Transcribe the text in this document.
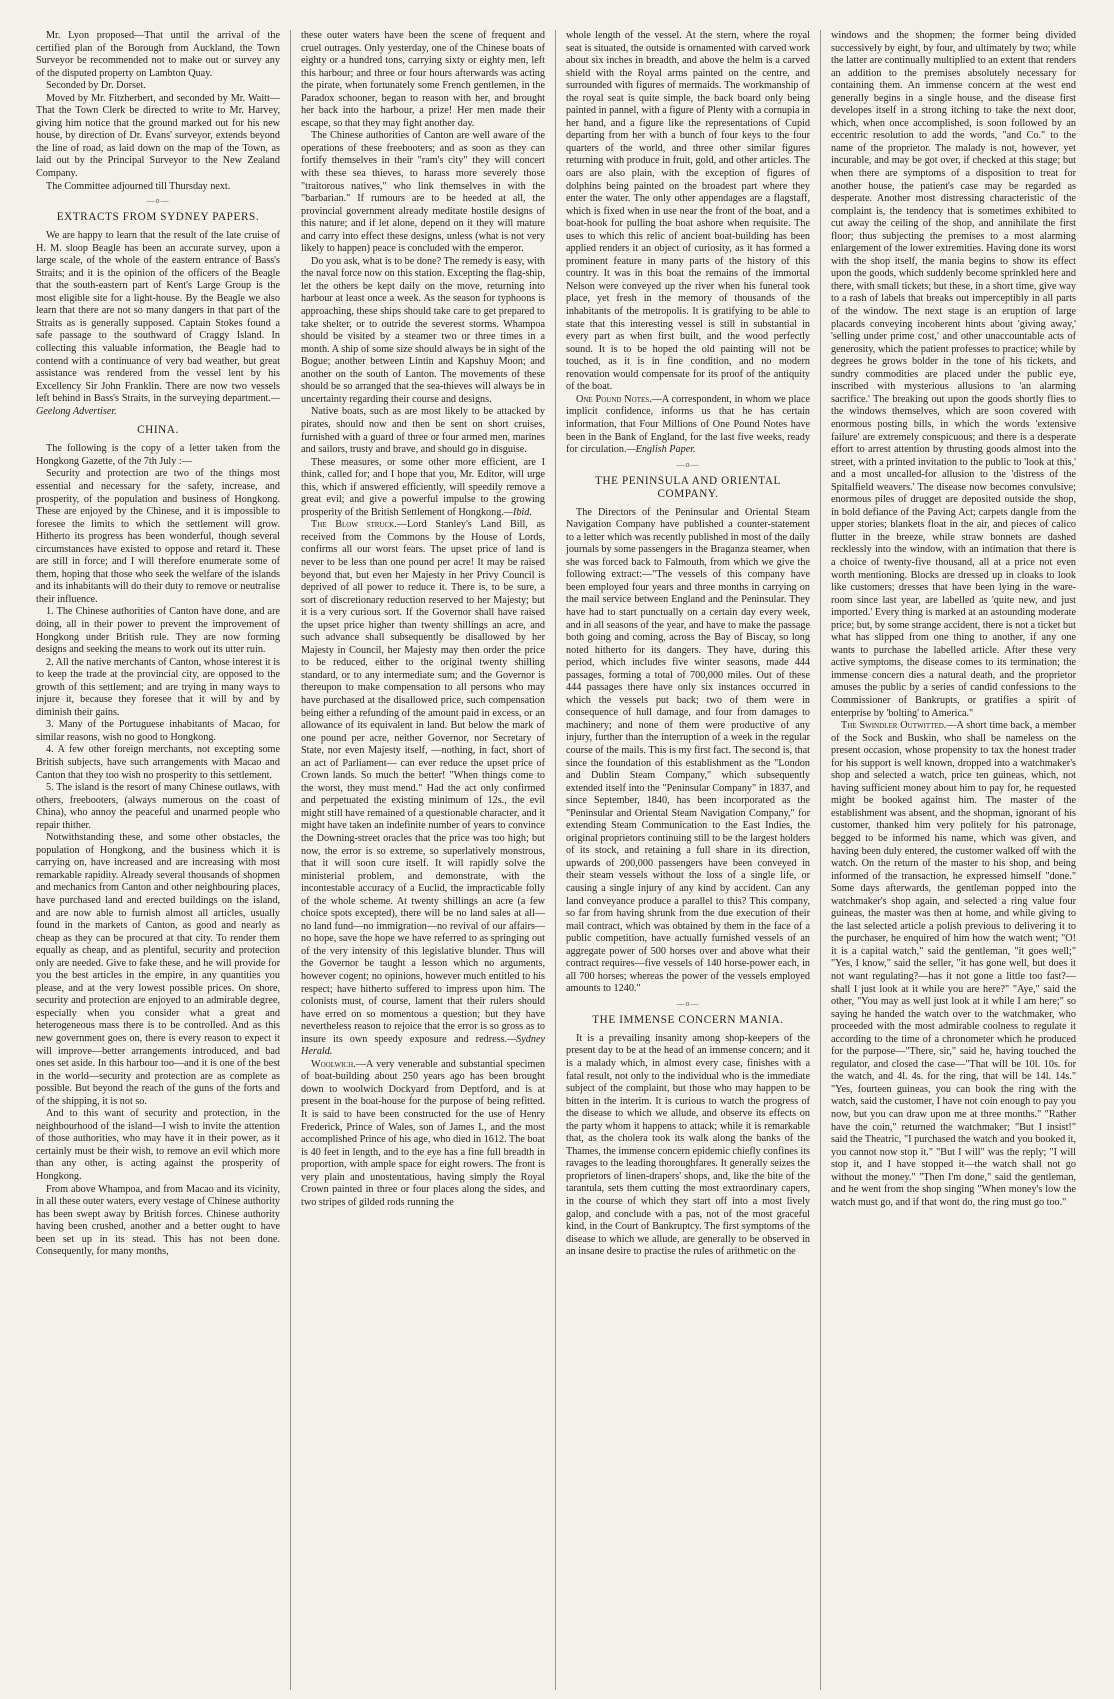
Mr. Lyon proposed—That until the arrival of the certified plan of the Borough from Auckland, the Town Surveyor be recommended not to make out or survey any of the disputed property on Lambton Quay.

Seconded by Dr. Dorset.

Moved by Mr. Fitzherbert, and seconded by Mr. Waitt—That the Town Clerk be directed to write to Mr. Harvey, giving him notice that the ground marked out for his new house, by direction of Dr. Evans' surveyor, extends beyond the line of road, as laid down on the map of the Town, as laid out by the Principal Surveyor to the New Zealand Company.

The Committee adjourned till Thursday next.

—o—
EXTRACTS FROM SYDNEY PAPERS.

We are happy to learn that the result of the late cruise of H. M. sloop Beagle has been an accurate survey, upon a large scale, of the whole of the eastern entrance of Bass's Straits; and it is the opinion of the officers of the Beagle that the south-eastern part of Kent's Large Group is the most eligible site for a light-house. By the Beagle we also learn that there are not so many dangers in that part of the Straits as is generally supposed. Captain Stokes found a safe passage to the southward of Craggy Island. In collecting this valuable information, the Beagle had to contend with a continuance of very bad weather, but great assistance was rendered from the vessel lent by his Excellency Sir John Franklin. There are now two vessels left behind in Bass's Straits, in the surveying department.—Geelong Advertiser.

CHINA.

The following is the copy of a letter taken from the Hongkong Gazette, of the 7th July :—

Security and protection are two of the things most essential and necessary for the safety, increase, and prosperity, of the population and business of Hongkong. These are enjoyed by the Chinese, and it is impossible to foresee the limits to which the settlement will grow. Hitherto its progress has been wonderful, though several circumstances have existed to oppose and retard it. These are still in force; and I will therefore enumerate some of them, hoping that those who seek the welfare of the islands and its inhabitants will do their duty to remove or neutralise their influence.

1. The Chinese authorities of Canton have done, and are doing, all in their power to prevent the improvement of Hongkong under British rule. They are now forming designs and seeking the means to work out its utter ruin.

2. All the native merchants of Canton, whose interest it is to keep the trade at the provincial city, are opposed to the growth of this settlement; and are trying in many ways to injure it, because they foresee that it will by and by diminish their gains.

3. Many of the Portuguese inhabitants of Macao, for similar reasons, wish no good to Hongkong.

4. A few other foreign merchants, not excepting some British subjects, have such arrangements with Macao and Canton that they too wish no prosperity to this settlement.

5. The island is the resort of many Chinese outlaws, with others, freebooters, (always numerous on the coast of China), who annoy the peaceful and unarmed people who repair thither.

Notwithstanding these, and some other obstacles, the population of Hongkong, and the business which it is carrying on, have increased and are increasing with most remarkable rapidity. Already several thousands of shopmen and mechanics from Canton and other neighbouring places, have purchased land and erected buildings on the island, and are now able to furnish almost all articles, usually found in the markets of Canton, as good and nearly as cheap as they can be procured at that city. To render them equally as cheap, and as plentiful, security and protection only are needed. Give to fake these, and he will provide for you the best articles in the empire, in any quantities you please, and at the very lowest possible prices. On shore, security and protection are enjoyed to an admirable degree, especially when you consider what a great and heterogeneous mass there is to be controlled. And as this new government goes on, there is every reason to expect it will improve—better arrangements introduced, and bad ones set aside. In this harbour too—and it is one of the best in the world—security and protection are as complete as possible. But beyond the reach of the guns of the forts and of the shipping, it is not so.

And to this want of security and protection, in the neighbourhood of the island—I wish to invite the attention of those authorities, who may have it in their power, as it certainly must be their wish, to remove an evil which more than any other, is acting against the prosperity of Hongkong.

From above Whampoa, and from Macao and its vicinity, in all these outer waters, every vestage of Chinese authority has been swept away by British forces. Chinese authority having been crushed, another and a better ought to have been set up in its stead. This has not been done. Consequently, for many months,

these outer waters have been the scene of frequent and cruel outrages. Only yesterday, one of the Chinese boats of eighty or a hundred tons, carrying sixty or eighty men, left this harbour; and three or four hours afterwards was acting the pirate, when fortunately some French gentlemen, in the Paradox schooner, began to reason with her, and brought her back into the harbour, a prize! Her men made their escape, so that they may fight another day.

The Chinese authorities of Canton are well aware of the operations of these freebooters; and as soon as they can fortify themselves in their "ram's city" they will concert with these sea thieves, to harass more severely those "traitorous natives," who link themselves in with the "barbarian." If rumours are to be heeded at all, the provincial government already meditate hostile designs of this nature; and if let alone, depend on it they will mature and carry into effect these designs, unless (what is not very likely to happen) peace is concluded with the emperor.

Do you ask, what is to be done? The remedy is easy, with the naval force now on this station. Excepting the flag-ship, let the others be kept daily on the move, returning into harbour at least once a week. As the season for typhoons is approaching, these ships should take care to get prepared to take shelter, or to outride the severest storms. Whampoa should be visited by a steamer two or three times in a month. A ship of some size should always be in sight of the Bogue; another between Lintin and Kapshuy Moon; and another on the south of Lanton. The movements of these should be so arranged that the sea-thieves will always be in uncertainty regarding their course and designs.

Native boats, such as are most likely to be attacked by pirates, should now and then be sent on short cruises, furnished with a guard of three or four armed men, marines and sailors, trusty and brave, and should go in disguise.

These measures, or some other more efficient, are I think, called for; and I hope that you, Mr. Editor, will urge this, which if answered efficiently, will speedily remove a great evil; and give a powerful impulse to the growing prosperity of the British Settlement of Hongkong.—Ibid.

The Blow struck.—Lord Stanley's Land Bill, as received from the Commons by the House of Lords, confirms all our worst fears. The upset price of land is never to be less than one pound per acre! It may be raised beyond that, but even her Majesty in her Privy Council is deprived of all power to reduce it. There is, to be sure, a sort of discretionary reduction reserved to her Majesty; but it is a very curious sort. If the Governor shall have raised the upset price higher than twenty shillings an acre, and such advance shall subsequently be disallowed by her Majesty in Council, her Majesty may then order the price to be reduced, either to the original twenty shilling standard, or to any intermediate sum; and the Governor is thereupon to make compensation to all persons who may have purchased at the disallowed price, such compensation being either a refunding of the amount paid in excess, or an allowance of its equivalent in land. But below the mark of one pound per acre, neither Governor, nor Secretary of State, nor even Majesty itself, —nothing, in fact, short of an act of Parliament— can ever reduce the upset price of Crown lands. So much the better! "When things come to the worst, they must mend." Had the act only confirmed and perpetuated the existing minimum of 12s., the evil might still have remained of a questionable character, and it might have taken an indefinite number of years to convince the Downing-street oracles that the price was too high; but now, the error is so extreme, so superlatively monstrous, that it will soon cure itself. It will rapidly solve the ministerial problem, and demonstrate, with the incontestable accuracy of a Euclid, the impracticable folly of the whole scheme. At twenty shillings an acre (a few choice spots excepted), there will be no land sales at all—no land fund—no immigration—no revival of our affairs—no hope, save the hope we have referred to as springing out of the very intensity of this legislative blunder. Thus will the Governor be taught a lesson which no arguments, however cogent; no opinions, however much entitled to his respect; have hitherto suffered to impress upon him. The colonists must, of course, lament that their rulers should have erred on so momentous a question; but they have nevertheless reason to rejoice that the error is so gross as to insure its own speedy exposure and redress.—Sydney Herald.

Woolwich.—A very venerable and substantial specimen of boat-building about 250 years ago has been brought down to woolwich Dockyard from Deptford, and is at present in the boat-house for the purpose of being refitted. It is said to have been constructed for the use of Henry Frederick, Prince of Wales, son of James I., and the most accomplished Prince of his age, who died in 1612. The boat is 40 feet in length, and to the eye has a fine full breadth in proportion, with ample space for eight rowers. The front is very plain and unostentatious, having simply the Royal Crown painted in three or four places along the sides, and two stripes of gilded rods running the

whole length of the vessel. At the stern, where the royal seat is situated, the outside is ornamented with carved work about six inches in breadth, and above the helm is a carved shield with the Royal arms painted on the centre, and surrounded with figures of mermaids. The workmanship of the royal seat is quite simple, the back board only being painted in pannel, with a figure of Plenty with a cornupia in her hand, and a figure like the representations of Cupid departing from her with a bunch of four keys to the four quarters of the world, and three other similar figures returning with produce in fruit, gold, and other articles. The oars are also plain, with the exception of figures of dolphins being painted on the broadest part where they enter the water. The only other appendages are a flagstaff, which is fixed when in use near the front of the boat, and a boat-hook for pulling the boat ashore when requisite. The uses to which this relic of ancient boat-building has been applied renders it an object of curiosity, as it has formed a prominent feature in many parts of the history of this country. It was in this boat the remains of the immortal Nelson were conveyed up the river when his funeral took place, yet fresh in the memory of thousands of the inhabitants of the metropolis. It is gratifying to be able to state that this interesting vessel is still in substantial in every part as when first built, and the wood perfectly sound. It is to be hoped the old painting will not be touched, as it is in fine condition, and no modern renovation would compensate for its proof of the antiquity of the boat.

One Pound Notes.—A correspondent, in whom we place implicit confidence, informs us that he has certain information, that Four Millions of One Pound Notes have been in the Bank of England, for the last five weeks, ready for circulation.—English Paper.

—o—
THE PENINSULA AND ORIENTAL COMPANY.

The Directors of the Peninsular and Oriental Steam Navigation Company have published a counter-statement to a letter which was recently published in most of the daily journals by some passengers in the Braganza steamer, when she was forced back to Falmouth, from which we give the following extract:—"The vessels of this company have been employed four years and three months in carrying on the mail service between England and the Peninsular. They have had to start punctually on a certain day every week, and in all seasons of the year, and have to make the passage both going and coming, across the Bay of Biscay, so long noted hitherto for its dangers. They have, during this period, which includes five winter seasons, made 444 passages, forming a total of 700,000 miles. Out of these 444 passages there have only six instances occurred in which the vessels put back; two of them were in consequence of hull damage, and four from damages to machinery; and none of them were productive of any injury, further than the interruption of a week in the regular course of the mails. This is my first fact. The second is, that since the foundation of this establishment as the "London and Dublin Steam Company," which subsequently extended itself into the "Peninsular Company" in 1837, and since September, 1840, has been incorporated as the "Peninsular and Oriental Steam Navigation Company," for extending Steam Communication to the East Indies, the original proprietors continuing still to be the largest holders of its stock, and retaining a full share in its direction, upwards of 200,000 passengers have been conveyed in their steam vessels without the loss of a single life, or causing a single injury of any kind by accident. Can any land conveyance produce a parallel to this? This company, so far from having shrunk from the due execution of their mail contract, which was obtained by them in the face of a public competition, have actually furnished vessels of an aggregate power of 500 horses over and above what their contract requires—five vessels of 140 horse-power each, in all 700 horses; whereas the power of the vessels employed amounts to 1240."

—o—
THE IMMENSE CONCERN MANIA.

It is a prevailing insanity among shop-keepers of the present day to be at the head of an immense concern; and it is a malady which, in almost every case, finishes with a fatal result, not only to the individual who is the immediate subject of the complaint, but those who may happen to be bitten in the interim. It is curious to watch the progress of the disease to which we allude, and observe its effects on the party whom it happens to attack; while it is remarkable that, as the cholera took its walk along the banks of the Thames, the immense concern epidemic chiefly confines its ravages to the leading thoroughfares. It generally seizes the proprietors of linen-drapers' shops, and, like the bite of the tarantula, sets them cutting the most extraordinary capers, in the course of which they start off into a most lively galop, and conclude with a pas, not of the most graceful kind, in the Court of Bankruptcy. The first symptoms of the disease to which we allude, are generally to be observed in an insane desire to practise the rules of arithmetic on the

windows and the shopmen; the former being divided successively by eight, by four, and ultimately by two; while the latter are continually multiplied to an extent that renders an addition to the premises absolutely necessary for containing them. An immense concern at the west end generally begins in a single house, and the disease first developes itself in a strong itching to take the next door, which, when once accomplished, is soon followed by an eccentric resolution to add the words, "and Co." to the name of the proprietor. The malady is not, however, yet incurable, and may be got over, if checked at this stage; but when there are symptoms of a disposition to treat for another house, the patient's case may be regarded as desperate. Another most distressing characteristic of the complaint is, the tendency that is sometimes exhibited to cut away the ceiling of the shop, and annihilate the first floor; thus subjecting the premises to a most alarming enlargement of the lower extremities. Having done its worst with the shop itself, the mania begins to show its effect upon the goods, which suddenly become sprinkled here and there, with small tickets; but these, in a short time, give way to a rash of labels that breaks out imperceptibly in all parts of the window. The next stage is an eruption of large placards conveying incoherent hints about 'giving away,' 'selling under prime cost,' and other unaccountable acts of generosity, which the patient professes to practice; while by degrees he grows bolder in the tone of his tickets, and sundry commodities are placed under the public eye, inscribed with mysterious allusions to 'an alarming sacrifice.' The breaking out upon the goods shortly flies to the windows themselves, which are soon covered with enormous posting bills, in which the words 'extensive failure' are extremely conspicuous; and there is a desperate effort to arrest attention by thrusting goods almost into the street, with a printed invitation to the public to 'look at this,' and a most uncalled-for allusion to the 'distress of the Spitalfield weavers.' The disease now becomes convulsive; enormous piles of drugget are deposited outside the shop, in bold defiance of the Paving Act; carpets dangle from the upper stories; blankets float in the air, and pieces of calico flutter in the breeze, while straw bonnets are dashed recklessly into the window, with an intimation that there is a choice of twenty-five thousand, all at a price not even worth mentioning. Blocks are dressed up in cloaks to look like customers; dresses that have been lying in the ware-room since last year, are labelled as 'quite new, and just imported.' Every thing is marked at an astounding moderate price; but, by some strange accident, there is not a ticket but what has slipped from one thing to another, if any one wants to purchase the labelled article. After these very active symptoms, the disease comes to its termination; the immense concern dies a natural death, and the proprietor amuses the public by a series of candid confessions to the Commissioner of Bankrupts, or gratifies a spirit of enterprise by 'bolting' to America."

The Swindler Outwitted.—A short time back, a member of the Sock and Buskin, who shall be nameless on the present occasion, whose propensity to tax the honest trader for his support is well known, dropped into a watchmaker's shop and selected a watch, price ten guineas, which, not having sufficient money about him to pay for, he requested might be booked against him. The master of the establishment was absent, and the shopman, ignorant of his customer, thanked him very politely for his patronage, begged to be informed his name, which was given, and having been duly entered, the customer walked off with the watch. On the return of the master to his shop, and being informed of the transaction, he expressed himself "done." Some days afterwards, the gentleman popped into the watchmaker's shop again, and selected a ring value four guineas, the master was then at home, and while giving to the last selected article a polish previous to delivering it to the purchaser, he enquired of him how the watch went; "O! it is a capital watch," said the gentleman, "it goes well;" "Yes, I know," said the seller, "it has gone well, but does it not want regulating?—has it not gone a little too fast?—shall I just look at it while you are here?" "Aye," said the other, "You may as well just look at it while I am here;" so saying he handed the watch over to the watchmaker, who proceeded with the most admirable coolness to regulate it according to the time of a chronometer which he produced for the purpose—"There, sir," said he, having touched the regulator, and closed the case—"That will be 10l. 10s. for the watch, and 4l. 4s. for the ring, that will be 14l. 14s." "Yes, fourteen guineas, you can book the ring with the watch, said the customer, I have not coin enough to pay you now, but you can draw upon me at three months." "Rather have the coin," returned the watchmaker; "But I insist!" said the Theatric, "I purchased the watch and you booked it, you cannot now stop it." "But I will" was the reply; "I will stop it, and I have stopped it—the watch shall not go without the money." "Then I'm done," said the gentleman, and he went from the shop singing "When money's low the watch must go, and if that wont do, the ring must go too."
